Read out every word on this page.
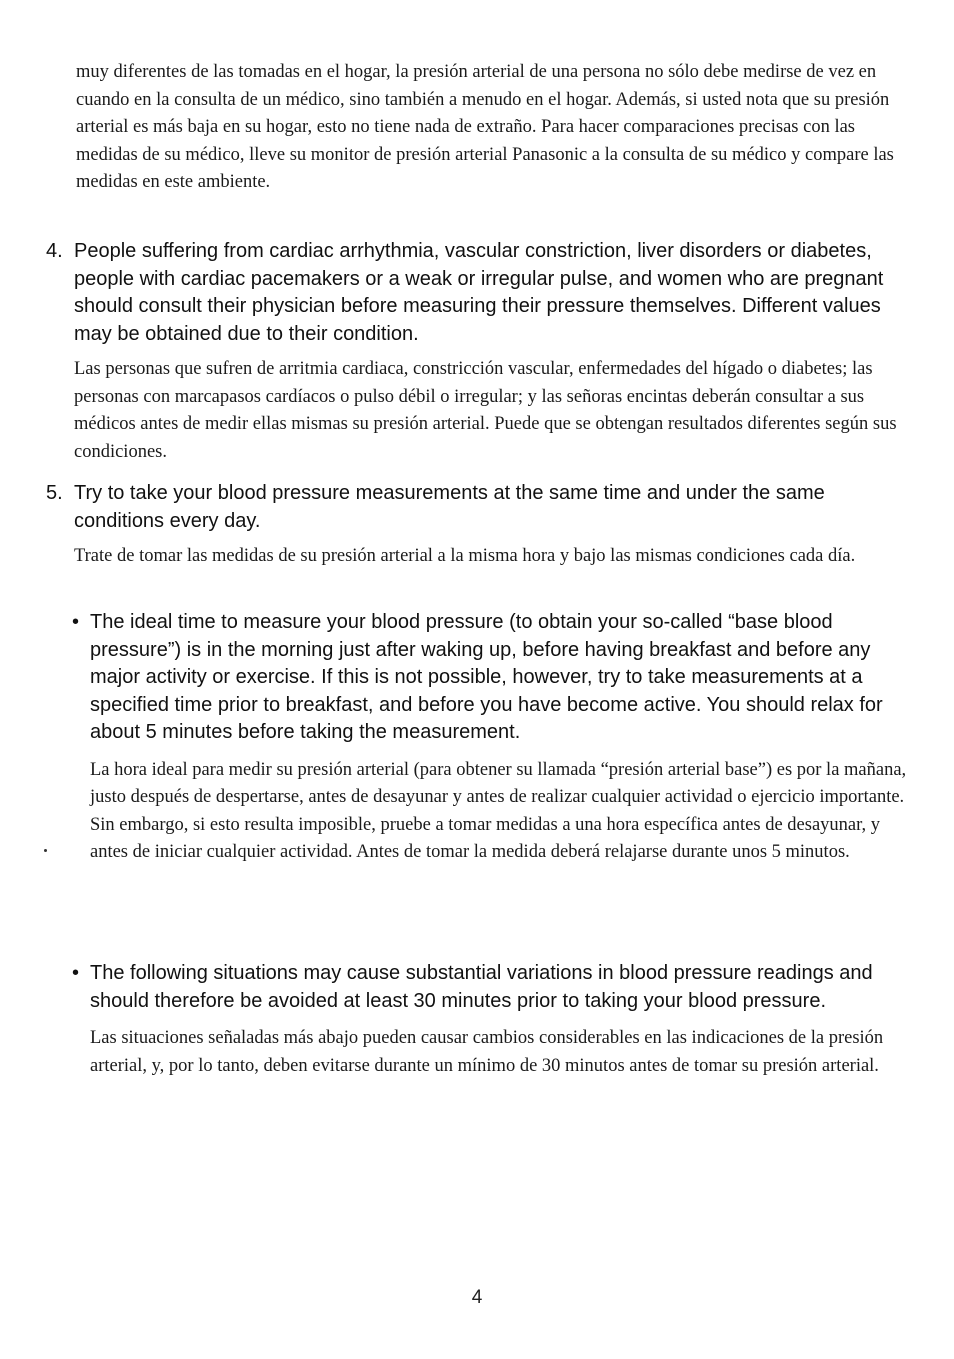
muy diferentes de las tomadas en el hogar, la presión arterial de una persona no sólo debe medirse de vez en cuando en la consulta de un médico, sino también a menudo en el hogar. Además, si usted nota que su presión arterial es más baja en su hogar, esto no tiene nada de extraño. Para hacer comparaciones precisas con las medidas de su médico, lleve su monitor de presión arterial Panasonic a la consulta de su médico y compare las medidas en este ambiente.

4. People suffering from cardiac arrhythmia, vascular constriction, liver disorders or diabetes, people with cardiac pacemakers or a weak or irregular pulse, and women who are pregnant should consult their physician before measuring their pressure themselves. Different values may be obtained due to their condition.

Las personas que sufren de arritmia cardiaca, constricción vascular, enfermedades del hígado o diabetes; las personas con marcapasos cardíacos o pulso débil o irregular; y las señoras encintas deberán consultar a sus médicos antes de medir ellas mismas su presión arterial. Puede que se obtengan resultados diferentes según sus condiciones.

5. Try to take your blood pressure measurements at the same time and under the same conditions every day.

Trate de tomar las medidas de su presión arterial a la misma hora y bajo las mismas condiciones cada día.

• The ideal time to measure your blood pressure (to obtain your so-called “base blood pressure”) is in the morning just after waking up, before having breakfast and before any major activity or exercise. If this is not possible, however, try to take measurements at a specified time prior to breakfast, and before you have become active. You should relax for about 5 minutes before taking the measurement.

La hora ideal para medir su presión arterial (para obtener su llamada “presión arterial base”) es por la mañana, justo después de despertarse, antes de desayunar y antes de realizar cualquier actividad o ejercicio importante. Sin embargo, si esto resulta imposible, pruebe a tomar medidas a una hora específica antes de desayunar, y antes de iniciar cualquier actividad. Antes de tomar la medida deberá relajarse durante unos 5 minutos.

• The following situations may cause substantial variations in blood pressure readings and should therefore be avoided at least 30 minutes prior to taking your blood pressure.

Las situaciones señaladas más abajo pueden causar cambios considerables en las indicaciones de la presión arterial, y, por lo tanto, deben evitarse durante un mínimo de 30 minutos antes de tomar su presión arterial.

4
